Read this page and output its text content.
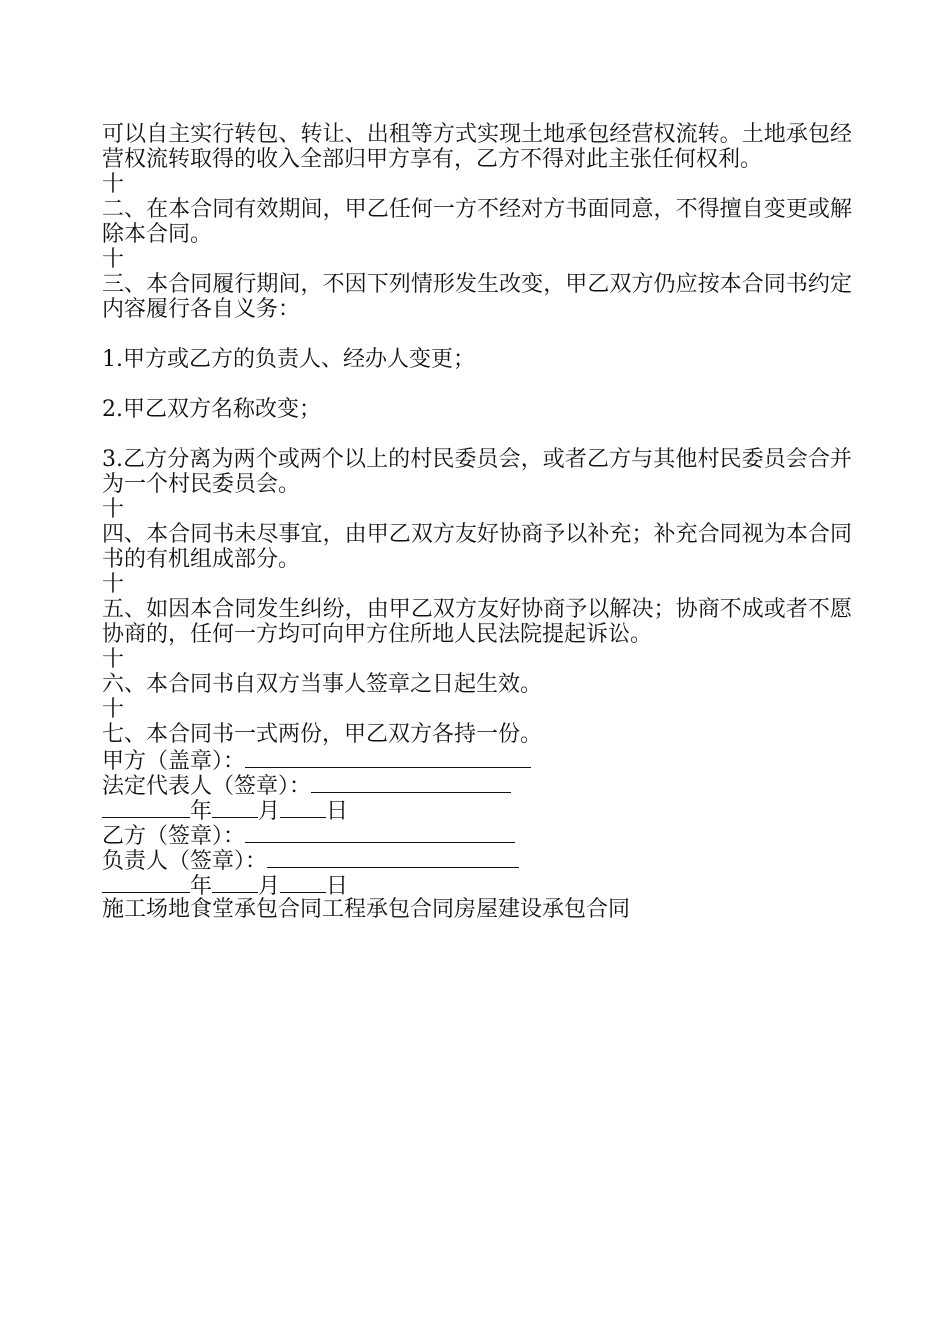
可以自主实行转包、转让、出租等方式实现土地承包经营权流转。土地承包经营权流转取得的收入全部归甲方享有，乙方不得对此主张任何权利。

十

二、在本合同有效期间，甲乙任何一方不经对方书面同意，不得擅自变更或解除本合同。

十

三、本合同履行期间，不因下列情形发生改变，甲乙双方仍应按本合同书约定内容履行各自义务：

1.甲方或乙方的负责人、经办人变更；

2.甲乙双方名称改变；

3.乙方分离为两个或两个以上的村民委员会，或者乙方与其他村民委员会合并为一个村民委员会。

十

四、本合同书未尽事宜，由甲乙双方友好协商予以补充；补充合同视为本合同书的有机组成部分。

十

五、如因本合同发生纠纷，由甲乙双方友好协商予以解决；协商不成或者不愿协商的，任何一方均可向甲方住所地人民法院提起诉讼。

十

六、本合同书自双方当事人签章之日起生效。

十

七、本合同书一式两份，甲乙双方各持一份。

甲方（盖章）：

法定代表人（签章）：

年 月 日

乙方（签章）：

负责人（签章）：

年 月 日

施工场地食堂承包合同工程承包合同房屋建设承包合同
